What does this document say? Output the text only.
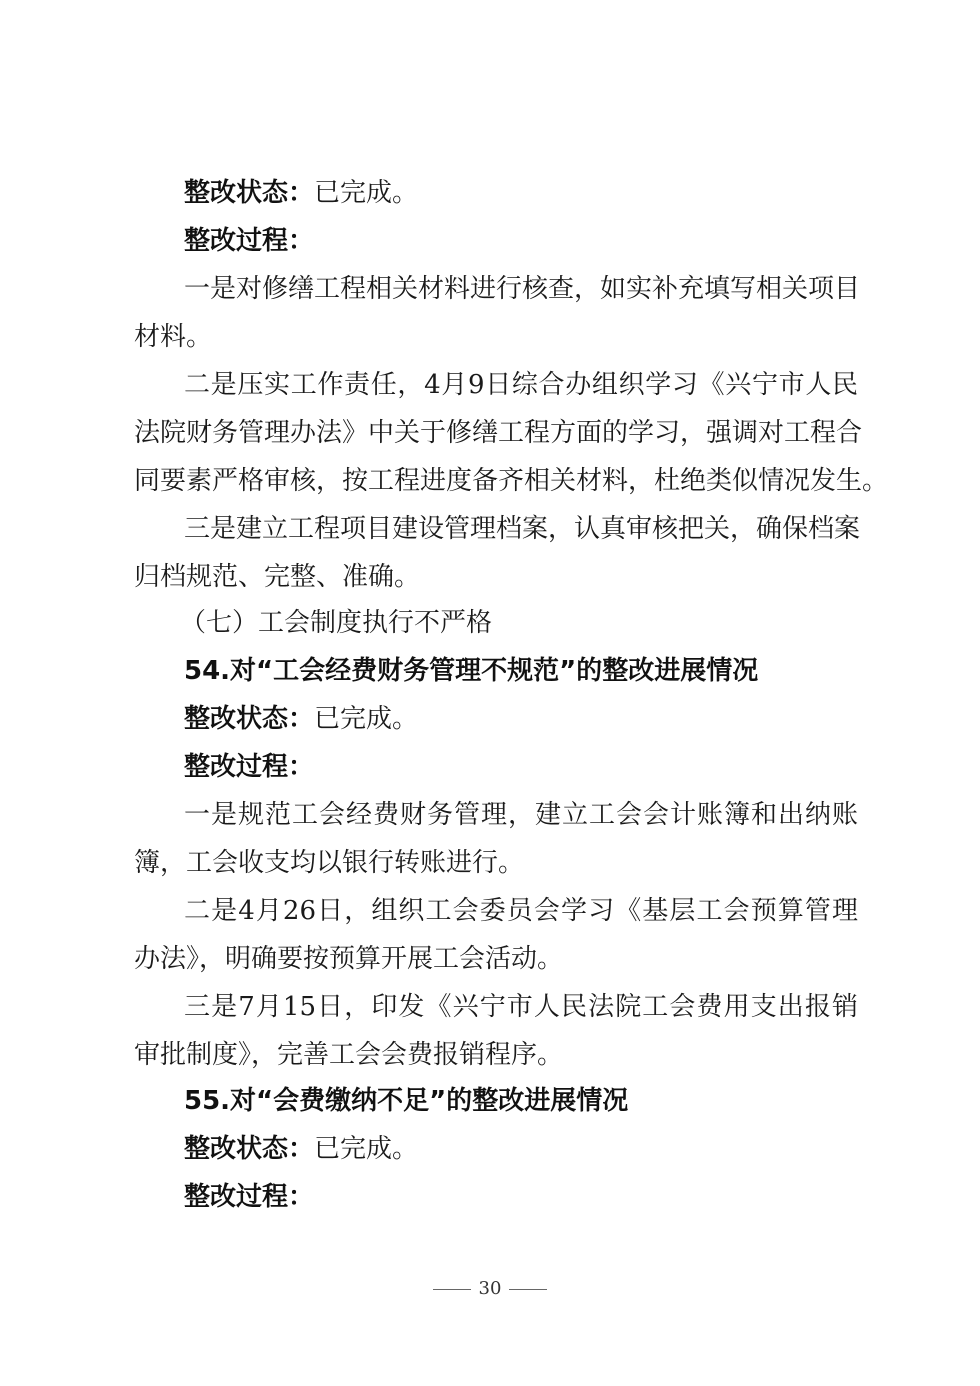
整改状态：已完成。

整改过程：

一是对修缮工程相关材料进行核查，如实补充填写相关项目

材料。

二是压实工作责任，4月9日综合办组织学习《兴宁市人民

法院财务管理办法》中关于修缮工程方面的学习，强调对工程合

同要素严格审核，按工程进度备齐相关材料，杜绝类似情况发生。

三是建立工程项目建设管理档案，认真审核把关，确保档案

归档规范、完整、准确。

（七）工会制度执行不严格

54.对“工会经费财务管理不规范”的整改进展情况

整改状态：已完成。

整改过程：

一是规范工会经费财务管理，建立工会会计账簿和出纳账

簿，工会收支均以银行转账进行。

二是4月26日，组织工会委员会学习《基层工会预算管理

办法》，明确要按预算开展工会活动。

三是7月15日，印发《兴宁市人民法院工会费用支出报销

审批制度》，完善工会会费报销程序。

55.对“会费缴纳不足”的整改进展情况

整改状态：已完成。

整改过程：

30
